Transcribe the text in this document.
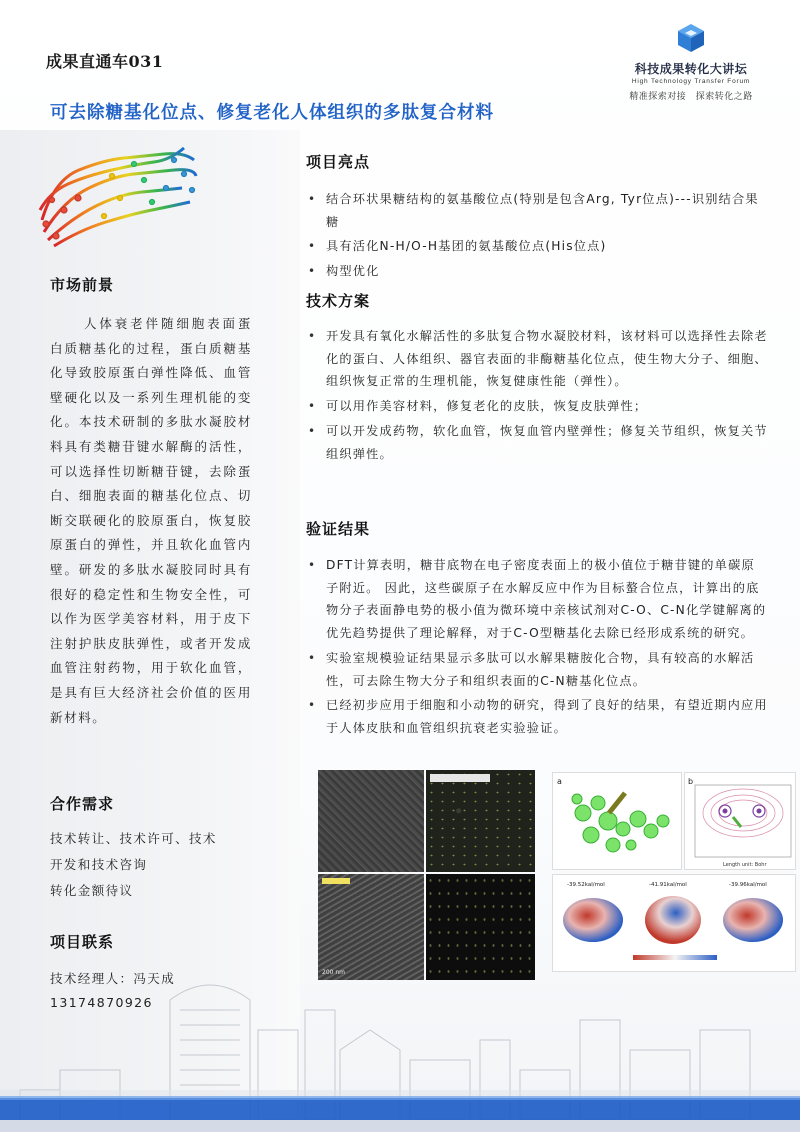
成果直通车031	科技成果转化大讲坛
High Technology Transfer Forum
精准探索对接　探索转化之路
可去除糖基化位点、修复老化人体组织的多肽复合材料
市场前景
人体衰老伴随细胞表面蛋白质糖基化的过程，蛋白质糖基化导致胶原蛋白弹性降低、血管壁硬化以及一系列生理机能的变化。本技术研制的多肽水凝胶材料具有类糖苷键水解酶的活性，可以选择性切断糖苷键，去除蛋白、细胞表面的糖基化位点、切断交联硬化的胶原蛋白，恢复胶原蛋白的弹性，并且软化血管内壁。研发的多肽水凝胶同时具有很好的稳定性和生物安全性，可以作为医学美容材料，用于皮下注射护肤皮肤弹性，或者开发成血管注射药物，用于软化血管，是具有巨大经济社会价值的医用新材料。
合作需求
技术转让、技术许可、技术
开发和技术咨询
转化金额待议
项目联系
技术经理人：冯天成
13174870926
项目亮点
• 结合环状果糖结构的氨基酸位点(特别是包含Arg, Tyr位点)---识别结合果糖
• 具有活化N-H/O-H基团的氨基酸位点(His位点)
• 构型优化
技术方案
• 开发具有氧化水解活性的多肽复合物水凝胶材料，该材料可以选择性去除老化的蛋白、人体组织、器官表面的非酶糖基化位点，使生物大分子、细胞、组织恢复正常的生理机能，恢复健康性能（弹性）。
• 可以用作美容材料，修复老化的皮肤，恢复皮肤弹性；
• 可以开发成药物，软化血管，恢复血管内壁弹性；修复关节组织，恢复关节组织弹性。
验证结果
• DFT计算表明，糖苷底物在电子密度表面上的极小值位于糖苷键的单碳原子附近。 因此，这些碳原子在水解反应中作为目标螯合位点，计算出的底物分子表面静电势的极小值为微环境中亲核试剂对C-O、C-N化学键解离的优先趋势提供了理论解释，对于C-O型糖基化去除已经形成系统的研究。
• 实验室规模验证结果显示多肽可以水解果糖胺化合物，具有较高的水解活性，可去除生物大分子和组织表面的C-N糖基化位点。
• 已经初步应用于细胞和小动物的研究，得到了良好的结果，有望近期内应用于人体皮肤和血管组织抗衰老实验验证。
200 nm
a	b
Length unit: Bohr
-39.52kal/mol	-41.91kal/mol	-39.96kal/mol
